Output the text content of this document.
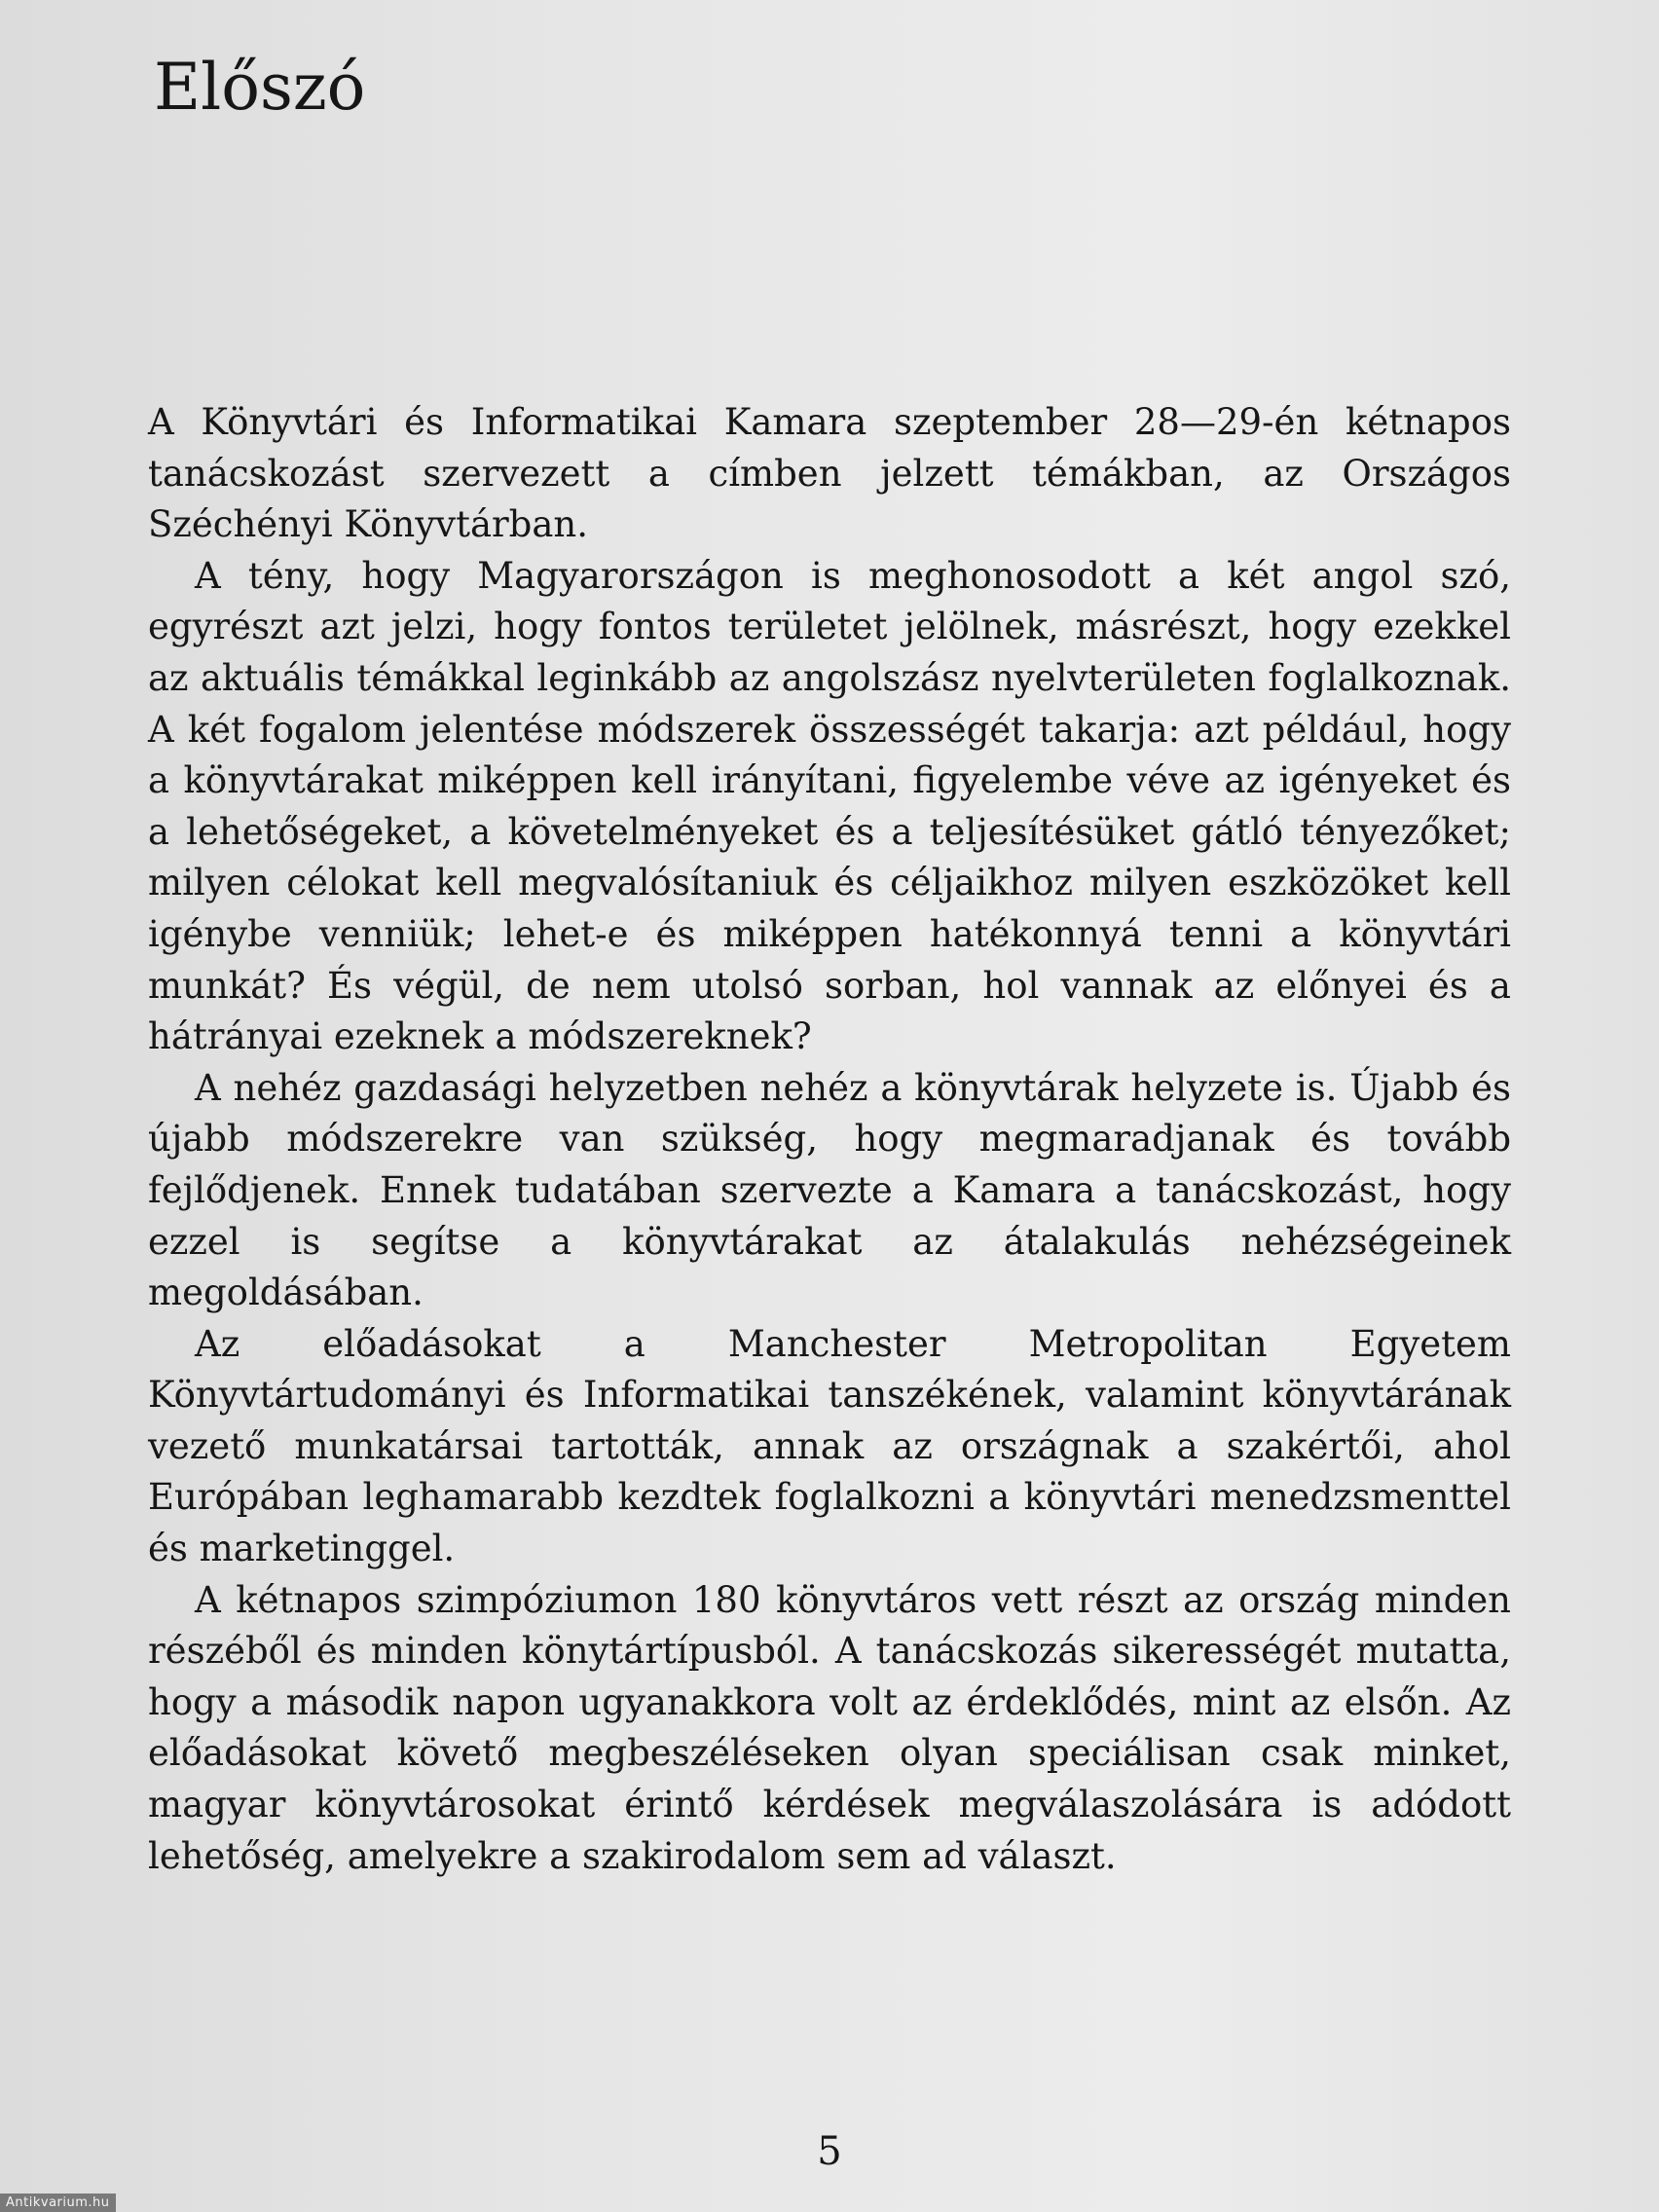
Előszó

A Könyvtári és Informatikai Kamara szeptember 28—29-én kétnapos tanácskozást szervezett a címben jelzett témákban, az Országos Széchényi Könyvtárban.

A tény, hogy Magyarországon is meghonosodott a két angol szó, egyrészt azt jelzi, hogy fontos területet jelölnek, másrészt, hogy ezekkel az aktuális témákkal leginkább az angolszász nyelvterületen foglalkoznak. A két fogalom jelentése módszerek összességét takarja: azt például, hogy a könyvtárakat miképpen kell irányítani, figyelembe véve az igényeket és a lehetőségeket, a követelményeket és a teljesítésüket gátló tényezőket; milyen célokat kell megvalósítaniuk és céljaikhoz milyen eszközöket kell igénybe venniük; lehet-e és miképpen hatékonnyá tenni a könyvtári munkát? És végül, de nem utolsó sorban, hol vannak az előnyei és a hátrányai ezeknek a módszereknek?

A nehéz gazdasági helyzetben nehéz a könyvtárak helyzete is. Újabb és újabb módszerekre van szükség, hogy megmaradjanak és tovább fejlődjenek. Ennek tudatában szervezte a Kamara a tanácskozást, hogy ezzel is segítse a könyvtárakat az átalakulás nehézségeinek megoldásában.

Az előadásokat a Manchester Metropolitan Egyetem Könyvtártudományi és Informatikai tanszékének, valamint könyvtárának vezető munkatársai tartották, annak az országnak a szakértői, ahol Európában leghamarabb kezdtek foglalkozni a könyvtári menedzsmenttel és marketinggel.

A kétnapos szimpóziumon 180 könyvtáros vett részt az ország minden részéből és minden könytártípusból. A tanácskozás sikerességét mutatta, hogy a második napon ugyanakkora volt az érdeklődés, mint az elsőn. Az előadásokat követő megbeszéléseken olyan speciálisan csak minket, magyar könyvtárosokat érintő kérdések megválaszolására is adódott lehetőség, amelyekre a szakirodalom sem ad választ.

5
Antikvarium.hu
